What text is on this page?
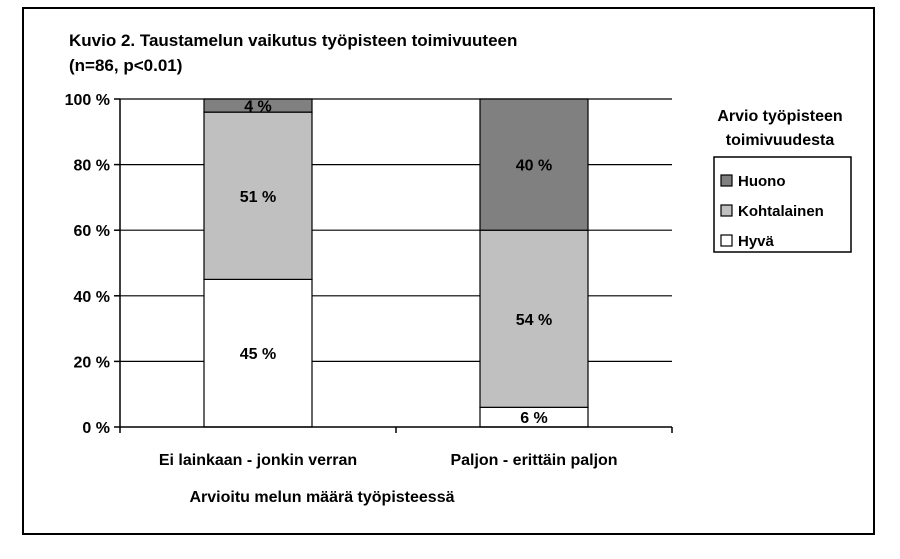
Kuvio 2. Taustamelun vaikutus työpisteen toimivuuteen
(n=86, p<0.01)
45 %
51 %
4 %
Ei lainkaan - jonkin verran
6 %
54 %
40 %
Paljon - erittäin paljon
0 %
20 %
40 %
60 %
80 %
100 %
Arvioitu melun määrä työpisteessä
Arvio työpisteen
toimivuudesta
Huono
Kohtalainen
Hyvä
